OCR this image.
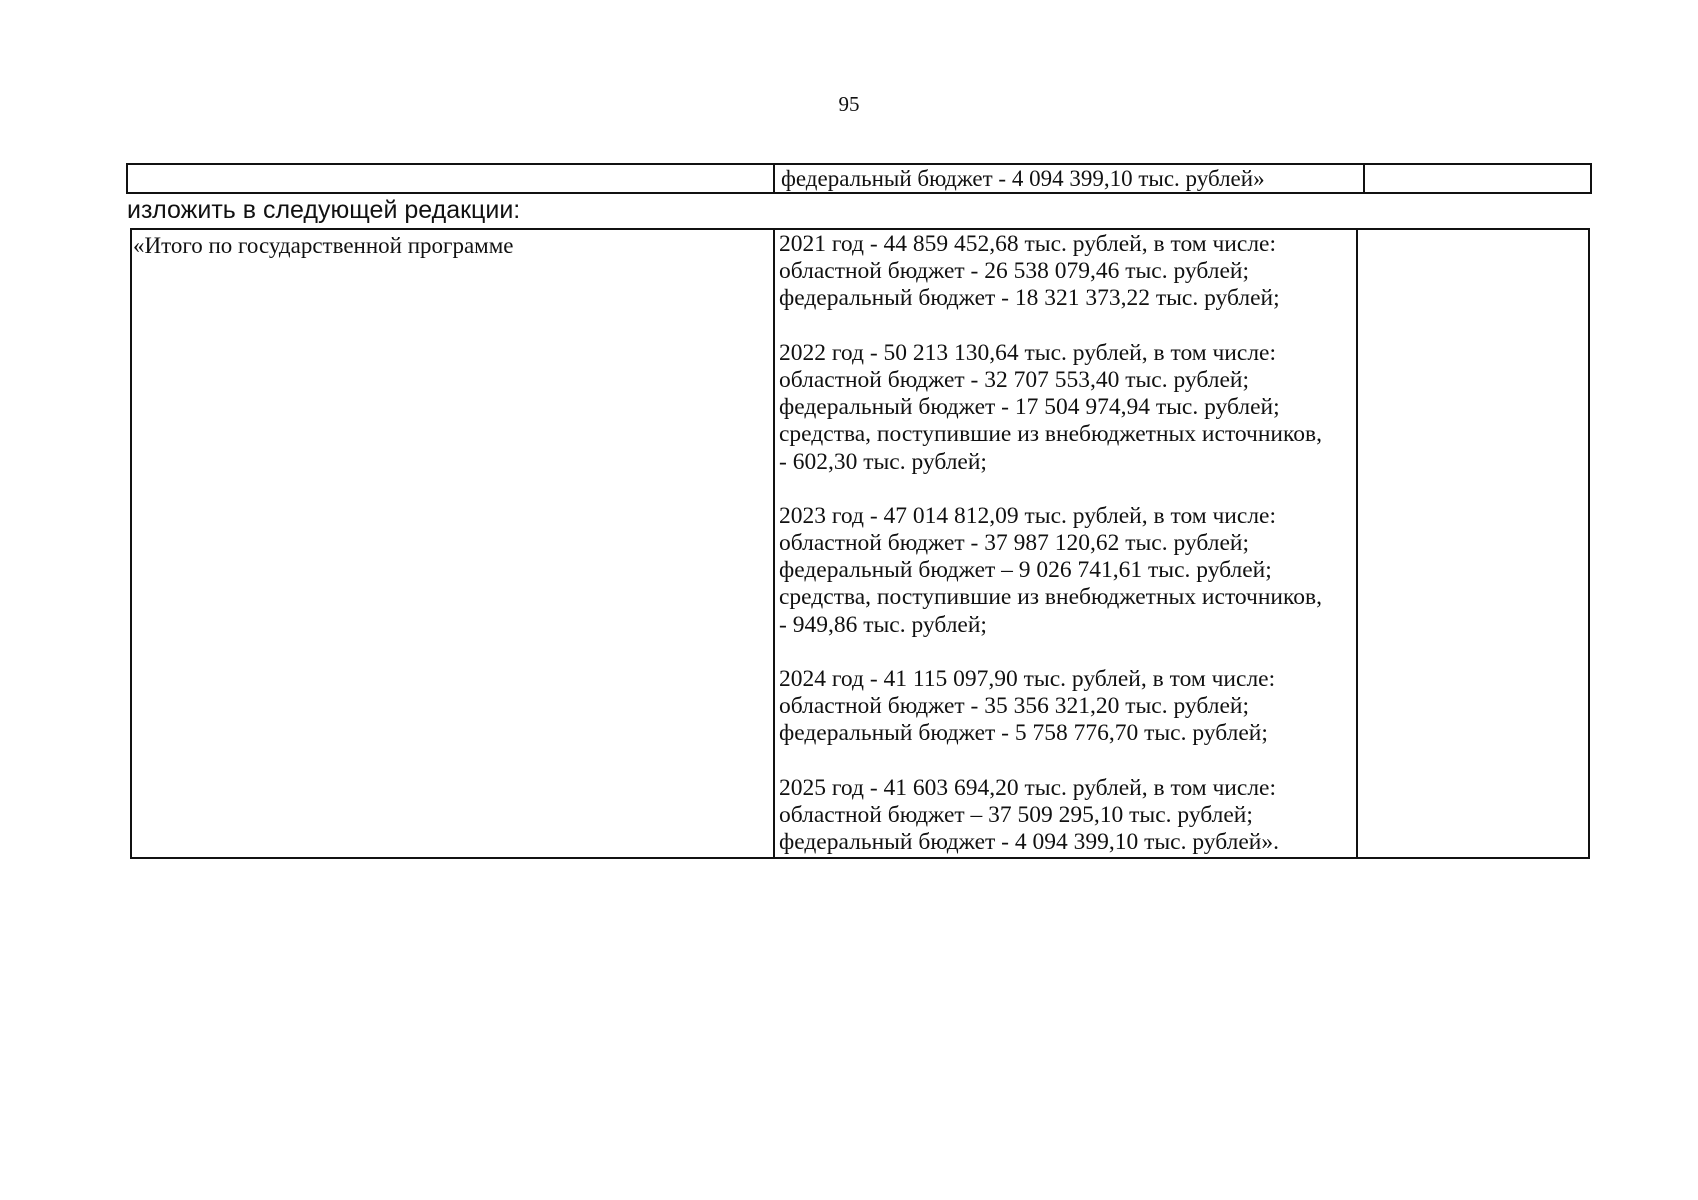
95
федеральный бюджет - 4 094 399,10 тыс. рублей»
изложить в следующей редакции:
«Итого по государственной программе	2021 год - 44 859 452,68 тыс. рублей, в том числе:
областной бюджет - 26 538 079,46 тыс. рублей;
федеральный бюджет - 18 321 373,22 тыс. рублей;
2022 год - 50 213 130,64 тыс. рублей, в том числе:
областной бюджет - 32 707 553,40 тыс. рублей;
федеральный бюджет - 17 504 974,94 тыс. рублей;
средства, поступившие из внебюджетных источников,
- 602,30 тыс. рублей;
2023 год - 47 014 812,09 тыс. рублей, в том числе:
областной бюджет - 37 987 120,62 тыс. рублей;
федеральный бюджет – 9 026 741,61 тыс. рублей;
средства, поступившие из внебюджетных источников,
- 949,86 тыс. рублей;
2024 год - 41 115 097,90 тыс. рублей, в том числе:
областной бюджет - 35 356 321,20 тыс. рублей;
федеральный бюджет - 5 758 776,70 тыс. рублей;
2025 год - 41 603 694,20 тыс. рублей, в том числе:
областной бюджет – 37 509 295,10 тыс. рублей;
федеральный бюджет - 4 094 399,10 тыс. рублей».
